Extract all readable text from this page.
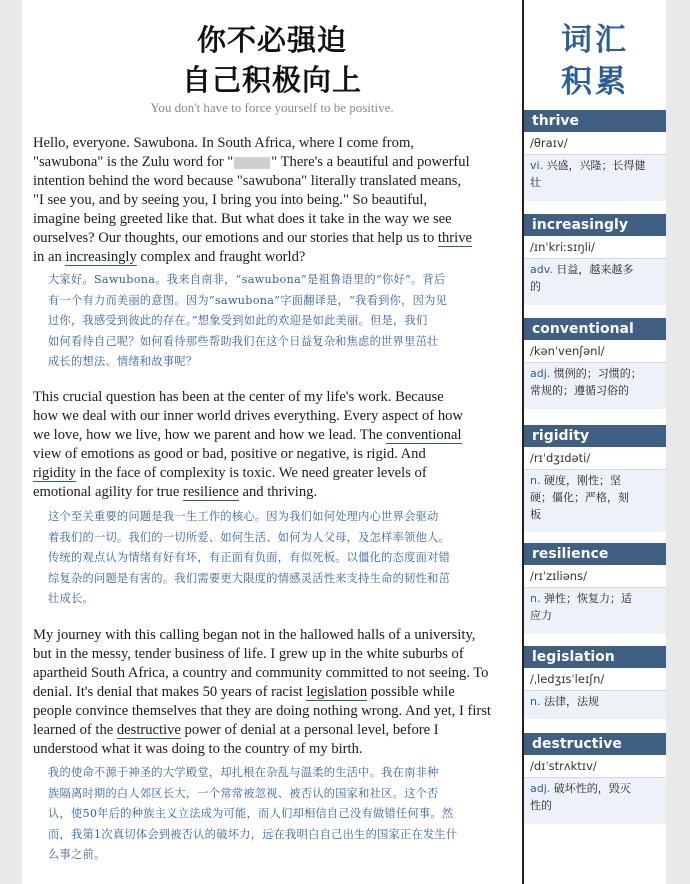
你不必强迫
自己积极向上
You don't have to force yourself to be positive.

Hello, everyone. Sawubona. In South Africa, where I come from,
"sawubona" is the Zulu word for "	" There's a beautiful and powerful
intention behind the word because "sawubona" literally translated means,
"I see you, and by seeing you, I bring you into being." So beautiful,
imagine being greeted like that. But what does it take in the way we see
ourselves? Our thoughts, our emotions and our stories that help us to thrive
in an increasingly complex and fraught world?

大家好。Sawubona。我来自南非，“sawubona”是祖鲁语里的“你好”。背后
有一个有力而美丽的意图。因为“sawubona”字面翻译是，“我看到你，因为见
过你，我感受到彼此的存在。”想象受到如此的欢迎是如此美丽。但是，我们
如何看待自己呢？如何看待那些帮助我们在这个日益复杂和焦虑的世界里茁壮
成长的想法、情绪和故事呢？

This crucial question has been at the center of my life's work. Because
how we deal with our inner world drives everything. Every aspect of how
we love, how we live, how we parent and how we lead. The conventional
view of emotions as good or bad, positive or negative, is rigid. And
rigidity in the face of complexity is toxic. We need greater levels of
emotional agility for true resilience and thriving.

这个至关重要的问题是我一生工作的核心。因为我们如何处理内心世界会驱动
着我们的一切。我们的一切所爱、如何生活、如何为人父母，及怎样率领他人。
传统的观点认为情绪有好有坏，有正面有负面，有似死板。以僵化的态度面对错
综复杂的问题是有害的。我们需要更大限度的情感灵活性来支持生命的韧性和茁
壮成长。

My journey with this calling began not in the hallowed halls of a university,
but in the messy, tender business of life. I grew up in the white suburbs of
apartheid South Africa, a country and community committed to not seeing. To
denial. It's denial that makes 50 years of racist legislation possible while
people convince themselves that they are doing nothing wrong. And yet, I first
learned of the destructive power of denial at a personal level, before I
understood what it was doing to the country of my birth.

我的使命不源于神圣的大学殿堂，却扎根在杂乱与温柔的生活中。我在南非种
族隔离时期的白人郊区长大，一个常常被忽视、被否认的国家和社区。这个否
认，使50年后的种族主义立法成为可能，而人们却相信自己没有做错任何事。然
而，我第1次真切体会到被否认的破坏力，远在我明白自己出生的国家正在发生什
么事之前。

词汇
积累
thrive
/θraɪv/
vi. 兴盛，兴隆；长得健
壮
increasingly
/ɪnˈkriːsɪŋli/
adv. 日益，越来越多
的
conventional
/kənˈvenʃənl/
adj. 惯例的；习惯的；
常规的；遵循习俗的
rigidity
/rɪˈdʒɪdəti/
n. 硬度，刚性；坚
硬；僵化；严格，刻
板
resilience
/rɪˈzɪliəns/
n. 弹性；恢复力；适
应力
legislation
/ˌledʒɪsˈleɪʃn/
n. 法律，法规
destructive
/dɪˈstrʌktɪv/
adj. 破坏性的，毁灭
性的
